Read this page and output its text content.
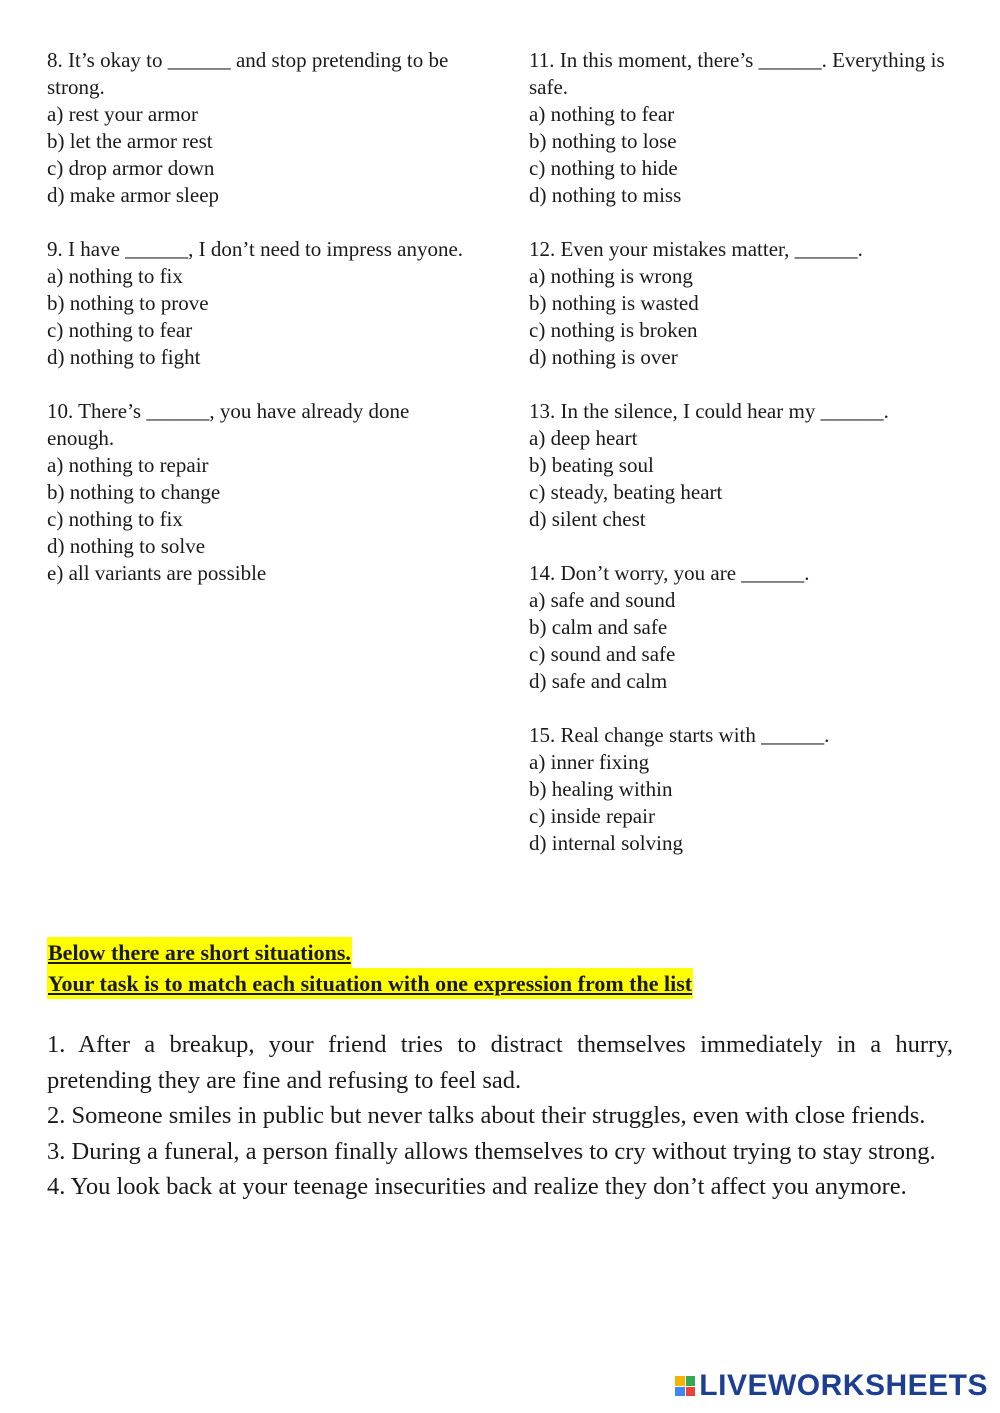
8. It’s okay to ______ and stop pretending to be strong.
a) rest your armor
b) let the armor rest
c) drop armor down
d) make armor sleep
9. I have ______, I don’t need to impress anyone.
a) nothing to fix
b) nothing to prove
c) nothing to fear
d) nothing to fight
10. There’s ______, you have already done enough.
a) nothing to repair
b) nothing to change
c) nothing to fix
d) nothing to solve
e) all variants are possible
11. In this moment, there’s ______. Everything is safe.
a) nothing to fear
b) nothing to lose
c) nothing to hide
d) nothing to miss
12. Even your mistakes matter, ______.
a) nothing is wrong
b) nothing is wasted
c) nothing is broken
d) nothing is over
13. In the silence, I could hear my ______.
a) deep heart
b) beating soul
c) steady, beating heart
d) silent chest
14. Don’t worry, you are ______.
a) safe and sound
b) calm and safe
c) sound and safe
d) safe and calm
15. Real change starts with ______.
a) inner fixing
b) healing within
c) inside repair
d) internal solving
Below there are short situations.
Your task is to match each situation with one expression from the list

1. After a breakup, your friend tries to distract themselves immediately in a hurry, pretending they are fine and refusing to feel sad.

2. Someone smiles in public but never talks about their struggles, even with close friends.

3. During a funeral, a person finally allows themselves to cry without trying to stay strong.

4. You look back at your teenage insecurities and realize they don’t affect you anymore.

LIVEWORKSHEETS
